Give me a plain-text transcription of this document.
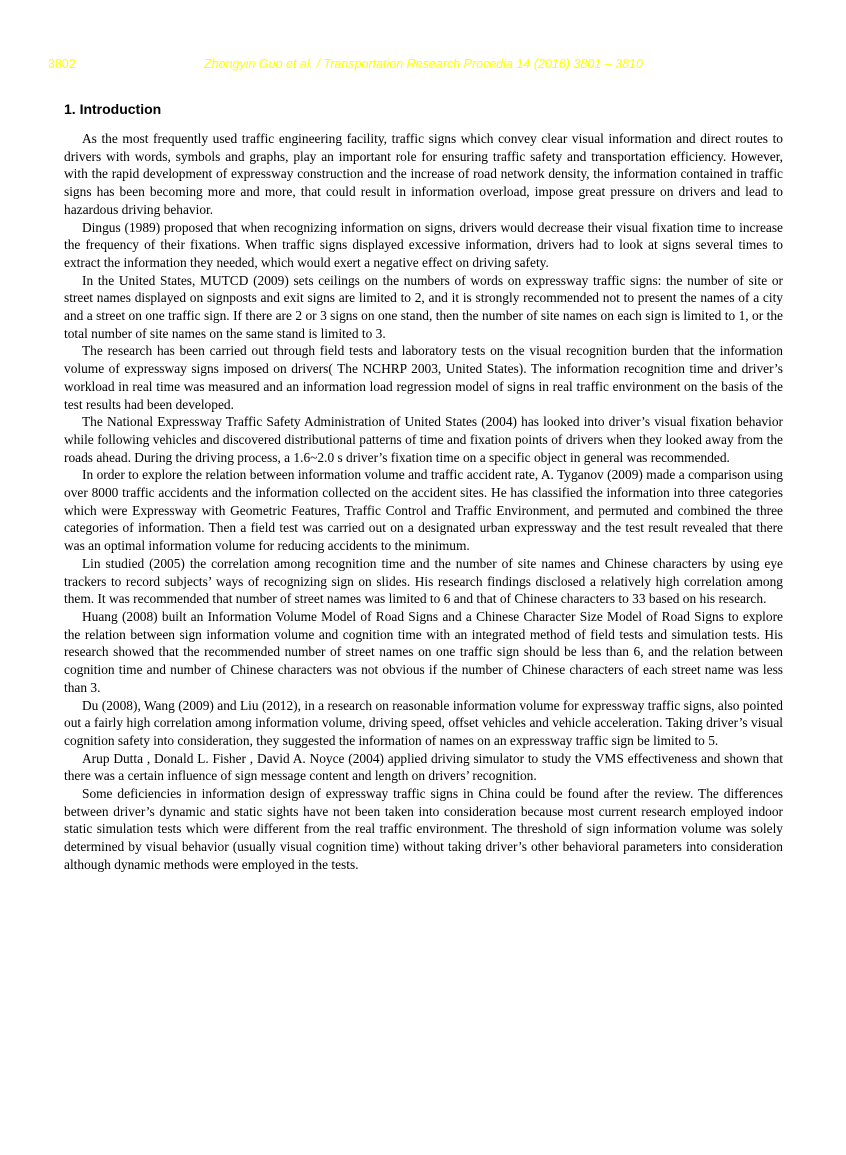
3802	Zhongyin Guo et al. / Transportation Research Procedia 14 (2016) 3801 – 3810
1. Introduction

As the most frequently used traffic engineering facility, traffic signs which convey clear visual information and direct routes to drivers with words, symbols and graphs, play an important role for ensuring traffic safety and transportation efficiency. However, with the rapid development of expressway construction and the increase of road network density, the information contained in traffic signs has been becoming more and more, that could result in information overload, impose great pressure on drivers and lead to hazardous driving behavior.

Dingus (1989) proposed that when recognizing information on signs, drivers would decrease their visual fixation time to increase the frequency of their fixations. When traffic signs displayed excessive information, drivers had to look at signs several times to extract the information they needed, which would exert a negative effect on driving safety.

In the United States, MUTCD (2009) sets ceilings on the numbers of words on expressway traffic signs: the number of site or street names displayed on signposts and exit signs are limited to 2, and it is strongly recommended not to present the names of a city and a street on one traffic sign. If there are 2 or 3 signs on one stand, then the number of site names on each sign is limited to 1, or the total number of site names on the same stand is limited to 3.

The research has been carried out through field tests and laboratory tests on the visual recognition burden that the information volume of expressway signs imposed on drivers( The NCHRP 2003, United States). The information recognition time and driver’s workload in real time was measured and an information load regression model of signs in real traffic environment on the basis of the test results had been developed.

The National Expressway Traffic Safety Administration of United States (2004) has looked into driver’s visual fixation behavior while following vehicles and discovered distributional patterns of time and fixation points of drivers when they looked away from the roads ahead. During the driving process, a 1.6~2.0 s driver’s fixation time on a specific object in general was recommended.

In order to explore the relation between information volume and traffic accident rate, A. Tyganov (2009) made a comparison using over 8000 traffic accidents and the information collected on the accident sites. He has classified the information into three categories which were Expressway with Geometric Features, Traffic Control and Traffic Environment, and permuted and combined the three categories of information. Then a field test was carried out on a designated urban expressway and the test result revealed that there was an optimal information volume for reducing accidents to the minimum.

Lin studied (2005) the correlation among recognition time and the number of site names and Chinese characters by using eye trackers to record subjects’ ways of recognizing sign on slides. His research findings disclosed a relatively high correlation among them. It was recommended that number of street names was limited to 6 and that of Chinese characters to 33 based on his research.

Huang (2008) built an Information Volume Model of Road Signs and a Chinese Character Size Model of Road Signs to explore the relation between sign information volume and cognition time with an integrated method of field tests and simulation tests. His research showed that the recommended number of street names on one traffic sign should be less than 6, and the relation between cognition time and number of Chinese characters was not obvious if the number of Chinese characters of each street name was less than 3.

Du (2008), Wang (2009) and Liu (2012), in a research on reasonable information volume for expressway traffic signs, also pointed out a fairly high correlation among information volume, driving speed, offset vehicles and vehicle acceleration. Taking driver’s visual cognition safety into consideration, they suggested the information of names on an expressway traffic sign be limited to 5.

Arup Dutta , Donald L. Fisher , David A. Noyce (2004) applied driving simulator to study the VMS effectiveness and shown that there was a certain influence of sign message content and length on drivers’ recognition.

Some deficiencies in information design of expressway traffic signs in China could be found after the review. The differences between driver’s dynamic and static sights have not been taken into consideration because most current research employed indoor static simulation tests which were different from the real traffic environment. The threshold of sign information volume was solely determined by visual behavior (usually visual cognition time) without taking driver’s other behavioral parameters into consideration although dynamic methods were employed in the tests.
